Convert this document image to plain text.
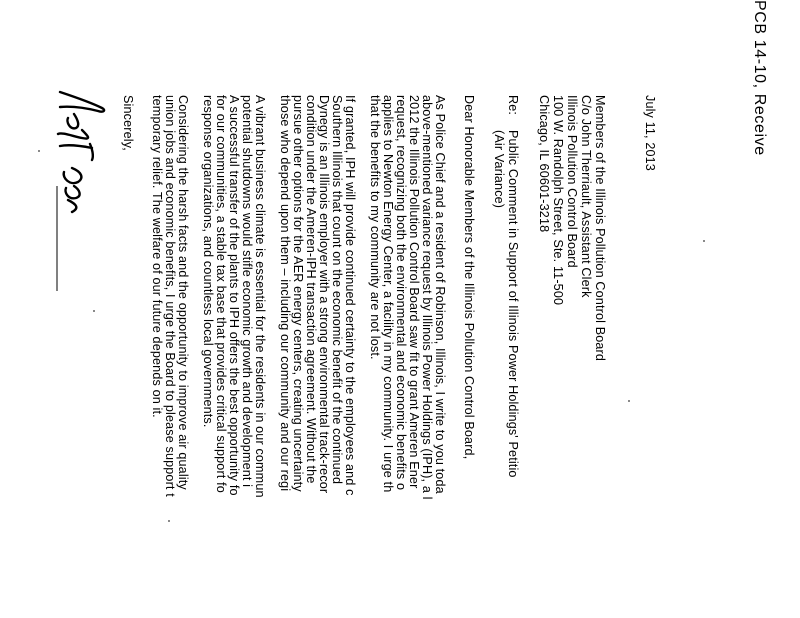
PCB 14-10, Receive
July 11, 2013
Members of the Illinois Pollution Control Board
C/o John Therriault, Assistant Clerk
Illinois Pollution Control Board
100 W. Randolph Street, Ste. 11-500
Chicago, IL 60601-3218
Re:
Public Comment in Support of Illinois Power Holdings' Petitio
(Air Variance)
Dear Honorable Members of the Illinois Pollution Control Board,
As Police Chief and a resident of Robinson, Illinois, I write to you toda
above-mentioned variance request by Illinois Power Holdings (IPH), a l
2012 the Illinois Pollution Control Board saw fit to grant Ameren Ener
request, recognizing both the environmental and economic benefits o
applies to Newton Energy Center, a facility in my community. I urge th
that the benefits to my community are not lost.
If granted, IPH will provide continued certainty to the employees and c
Southern Illinois that count on the economic benefit of the continued
Dynegy is an Illinois employer with a strong environmental track-recor
condition under the Ameren-IPH transaction agreement. Without the
pursue other options for the AER energy centers, creating uncertainty
those who depend upon them – including our community and our regi
A vibrant business climate is essential for the residents in our commun
potential shutdowns would stifle economic growth and development i
A successful transfer of the plants to IPH offers the best opportunity fo
for our communities, a stable tax base that provides critical support fo
response organizations, and countless local governments.
Considering the harsh facts and the opportunity to improve air quality
union jobs and economic benefits, I urge the Board to please support t
temporary relief. The welfare of our future depends on it.
Sincerely,
